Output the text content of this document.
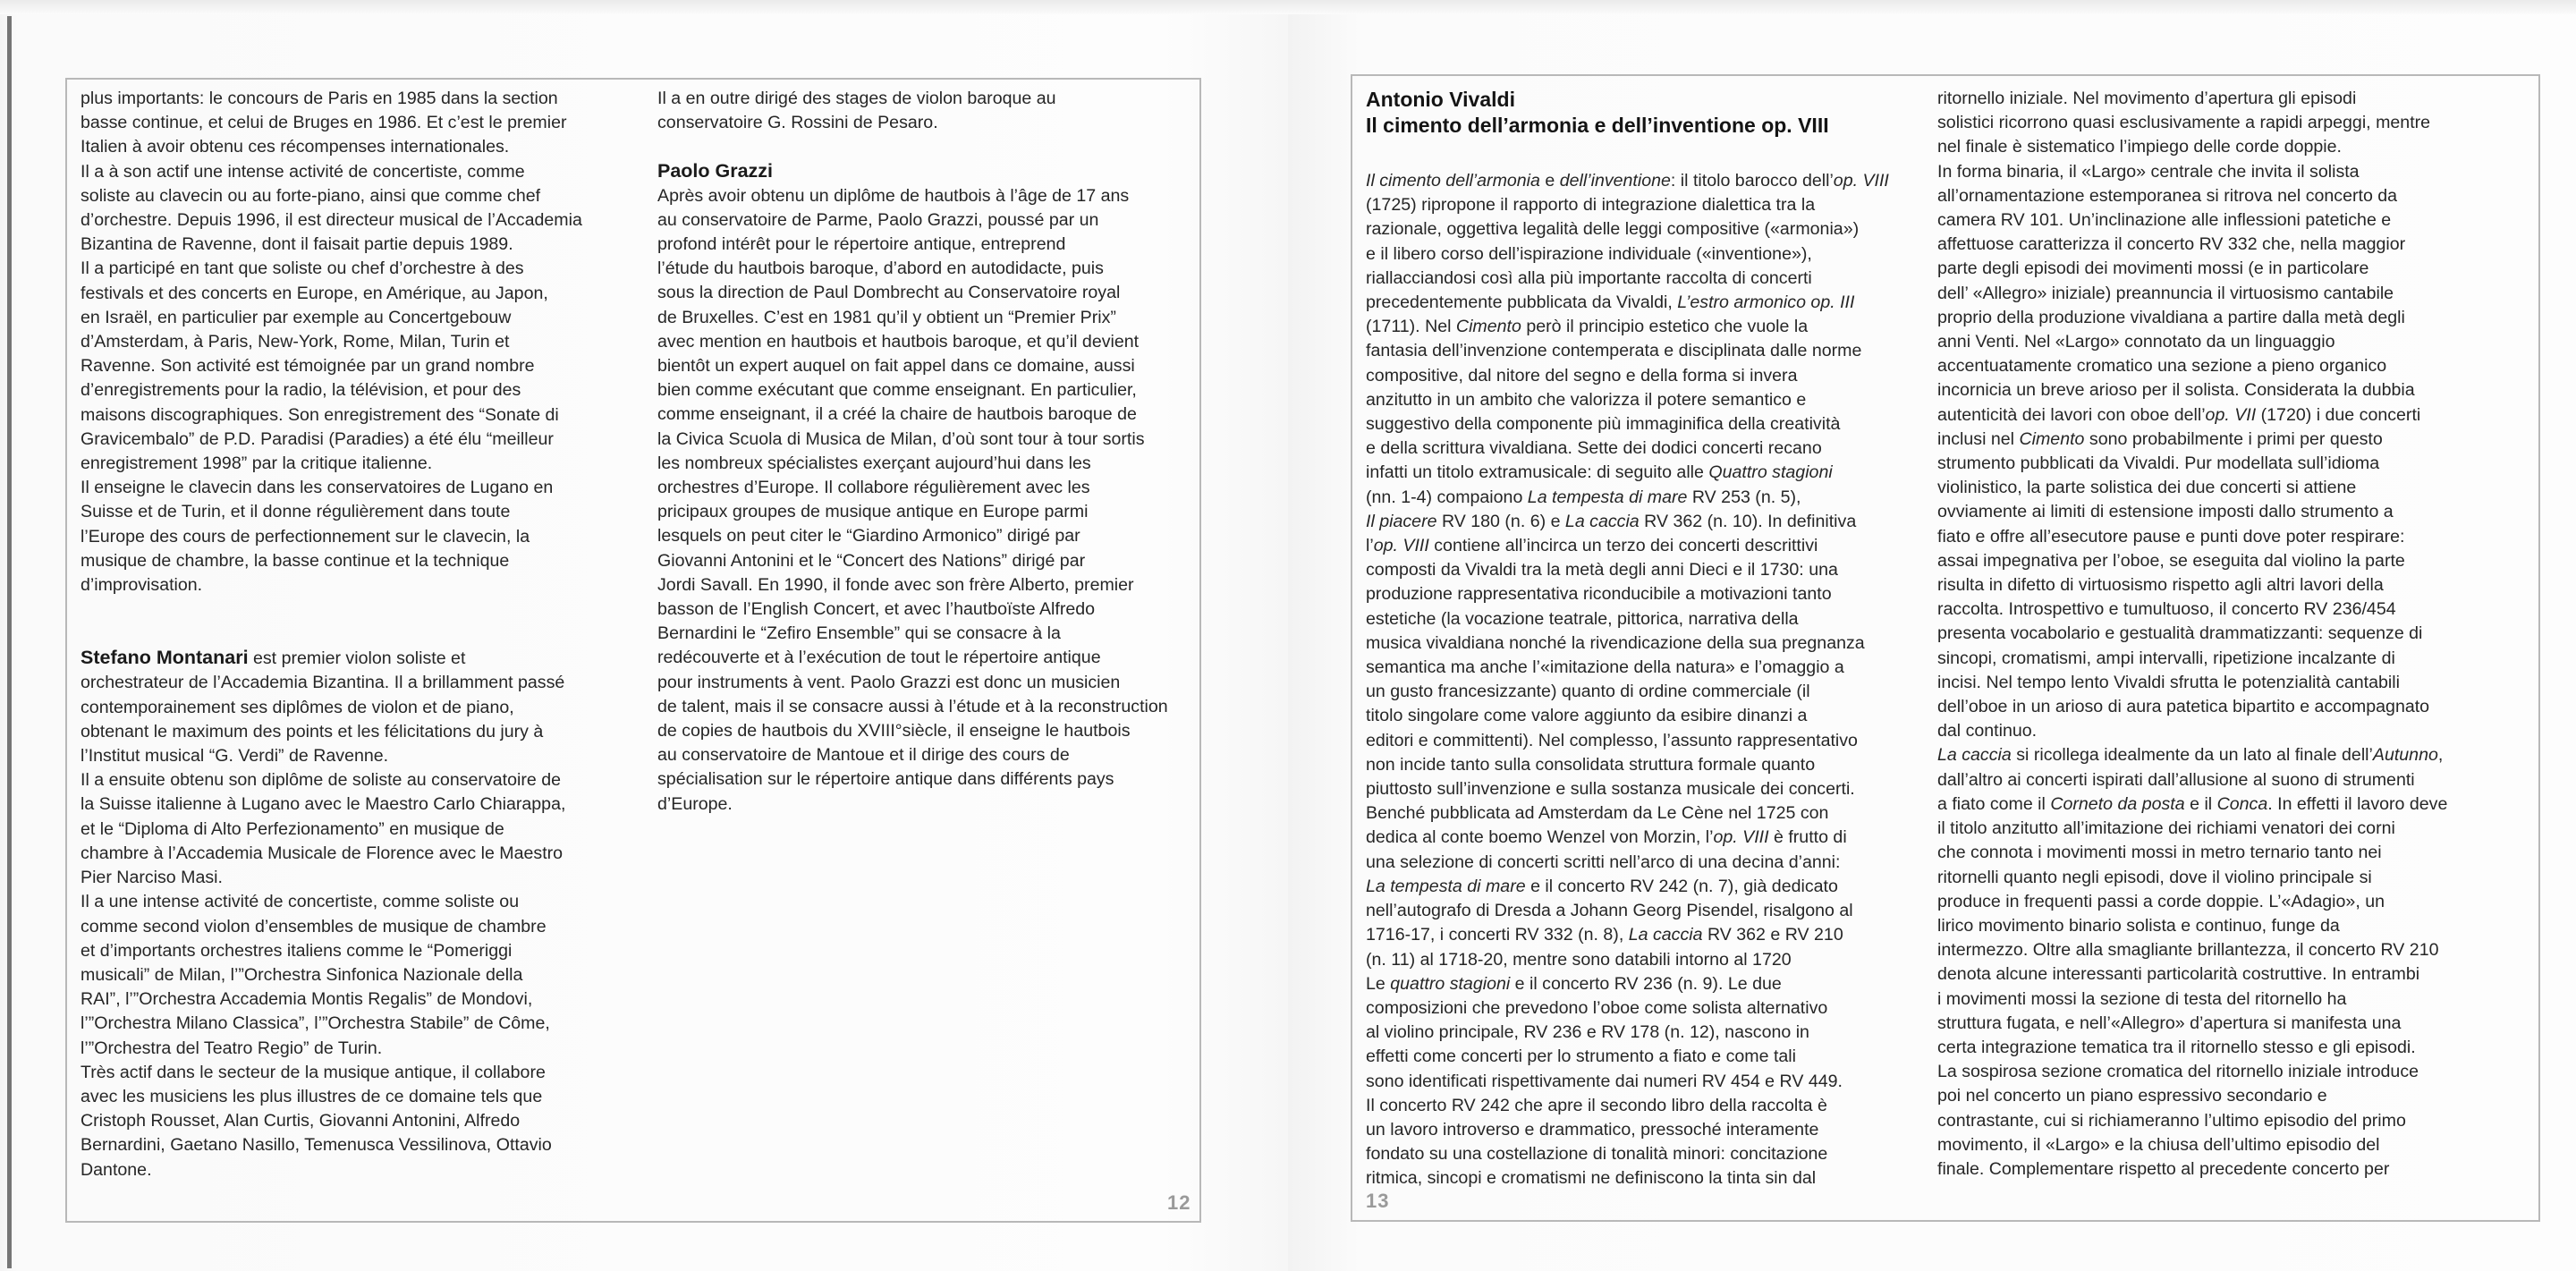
plus importants: le concours de Paris en 1985 dans la section

basse continue, et celui de Bruges en 1986. Et c’est le premier

Italien à avoir obtenu ces récompenses internationales.

Il a à son actif une intense activité de concertiste, comme

soliste au clavecin ou au forte-piano, ainsi que comme chef

d’orchestre. Depuis 1996, il est directeur musical de l’Accademia

Bizantina de Ravenne, dont il faisait partie depuis 1989.

Il a participé en tant que soliste ou chef d’orchestre à des

festivals et des concerts en Europe, en Amérique, au Japon,

en Israël, en particulier par exemple au Concertgebouw

d’Amsterdam, à Paris, New-York, Rome, Milan, Turin et

Ravenne. Son activité est témoignée par un grand nombre

d’enregistrements pour la radio, la télévision, et pour des

maisons discographiques. Son enregistrement des “Sonate di

Gravicembalo” de P.D. Paradisi (Paradies) a été élu “meilleur

enregistrement 1998” par la critique italienne.

Il enseigne le clavecin dans les conservatoires de Lugano en

Suisse et de Turin, et il donne régulièrement dans toute

l’Europe des cours de perfectionnement sur le clavecin, la

musique de chambre, la basse continue et la technique

d’improvisation.

Stefano Montanari est premier violon soliste et

orchestrateur de l’Accademia Bizantina. Il a brillamment passé

contemporainement ses diplômes de violon et de piano,

obtenant le maximum des points et les félicitations du jury à

l’Institut musical “G. Verdi” de Ravenne.

Il a ensuite obtenu son diplôme de soliste au conservatoire de

la Suisse italienne à Lugano avec le Maestro Carlo Chiarappa,

et le “Diploma di Alto Perfezionamento” en musique de

chambre à l’Accademia Musicale de Florence avec le Maestro

Pier Narciso Masi.

Il a une intense activité de concertiste, comme soliste ou

comme second violon d’ensembles de musique de chambre

et d’importants orchestres italiens comme le “Pomeriggi

musicali” de Milan, l’”Orchestra Sinfonica Nazionale della

RAI”, l’”Orchestra Accademia Montis Regalis” de Mondovi,

l’”Orchestra Milano Classica”, l’”Orchestra Stabile” de Côme,

l’”Orchestra del Teatro Regio” de Turin.

Très actif dans le secteur de la musique antique, il collabore

avec les musiciens les plus illustres de ce domaine tels que

Cristoph Rousset, Alan Curtis, Giovanni Antonini, Alfredo

Bernardini, Gaetano Nasillo, Temenusca Vessilinova, Ottavio

Dantone.

Il a en outre dirigé des stages de violon baroque au

conservatoire G. Rossini de Pesaro.

Paolo Grazzi

Après avoir obtenu un diplôme de hautbois à l’âge de 17 ans

au conservatoire de Parme, Paolo Grazzi, poussé par un

profond intérêt pour le répertoire antique, entreprend

l’étude du hautbois baroque, d’abord en autodidacte, puis

sous la direction de Paul Dombrecht au Conservatoire royal

de Bruxelles. C’est en 1981 qu’il y obtient un “Premier Prix”

avec mention en hautbois et hautbois baroque, et qu’il devient

bientôt un expert auquel on fait appel dans ce domaine, aussi

bien comme exécutant que comme enseignant. En particulier,

comme enseignant, il a créé la chaire de hautbois baroque de

la Civica Scuola di Musica de Milan, d’où sont tour à tour sortis

les nombreux spécialistes exerçant aujourd’hui dans les

orchestres d’Europe. Il collabore régulièrement avec les

pricipaux groupes de musique antique en Europe parmi

lesquels on peut citer le “Giardino Armonico” dirigé par

Giovanni Antonini et le “Concert des Nations” dirigé par

Jordi Savall. En 1990, il fonde avec son frère Alberto, premier

basson de l’English Concert, et avec l’hautboïste Alfredo

Bernardini le “Zefiro Ensemble” qui se consacre à la

redécouverte et à l’exécution de tout le répertoire antique

pour instruments à vent. Paolo Grazzi est donc un musicien

de talent, mais il se consacre aussi à l’étude et à la reconstruction

de copies de hautbois du XVIII°siècle, il enseigne le hautbois

au conservatoire de Mantoue et il dirige des cours de

spécialisation sur le répertoire antique dans différents pays

d’Europe.

12

Antonio Vivaldi

Il cimento dell’armonia e dell’inventione op. VIII

Il cimento dell’armonia e dell’inventione: il titolo barocco dell’op. VIII

(1725) ripropone il rapporto di integrazione dialettica tra la

razionale, oggettiva legalità delle leggi compositive («armonia»)

e il libero corso dell’ispirazione individuale («inventione»),

riallacciandosi così alla più importante raccolta di concerti

precedentemente pubblicata da Vivaldi, L’estro armonico op. III

(1711). Nel Cimento però il principio estetico che vuole la

fantasia dell’invenzione contemperata e disciplinata dalle norme

compositive, dal nitore del segno e della forma si invera

anzitutto in un ambito che valorizza il potere semantico e

suggestivo della componente più immaginifica della creatività

e della scrittura vivaldiana. Sette dei dodici concerti recano

infatti un titolo extramusicale: di seguito alle Quattro stagioni

(nn. 1-4) compaiono La tempesta di mare RV 253 (n. 5),

Il piacere RV 180 (n. 6) e La caccia RV 362 (n. 10). In definitiva

l’op. VIII contiene all’incirca un terzo dei concerti descrittivi

composti da Vivaldi tra la metà degli anni Dieci e il 1730: una

produzione rappresentativa riconducibile a motivazioni tanto

estetiche (la vocazione teatrale, pittorica, narrativa della

musica vivaldiana nonché la rivendicazione della sua pregnanza

semantica ma anche l’«imitazione della natura» e l’omaggio a

un gusto francesizzante) quanto di ordine commerciale (il

titolo singolare come valore aggiunto da esibire dinanzi a

editori e committenti). Nel complesso, l’assunto rappresentativo

non incide tanto sulla consolidata struttura formale quanto

piuttosto sull’invenzione e sulla sostanza musicale dei concerti.

Benché pubblicata ad Amsterdam da Le Cène nel 1725 con

dedica al conte boemo Wenzel von Morzin, l’op. VIII è frutto di

una selezione di concerti scritti nell’arco di una decina d’anni:

La tempesta di mare e il concerto RV 242 (n. 7), già dedicato

nell’autografo di Dresda a Johann Georg Pisendel, risalgono al

1716-17, i concerti RV 332 (n. 8), La caccia RV 362 e RV 210

(n. 11) al 1718-20, mentre sono databili intorno al 1720

Le quattro stagioni e il concerto RV 236 (n. 9). Le due

composizioni che prevedono l’oboe come solista alternativo

al violino principale, RV 236 e RV 178 (n. 12), nascono in

effetti come concerti per lo strumento a fiato e come tali

sono identificati rispettivamente dai numeri RV 454 e RV 449.

Il concerto RV 242 che apre il secondo libro della raccolta è

un lavoro introverso e drammatico, pressoché interamente

fondato su una costellazione di tonalità minori: concitazione

ritmica, sincopi e cromatismi ne definiscono la tinta sin dal

ritornello iniziale. Nel movimento d’apertura gli episodi

solistici ricorrono quasi esclusivamente a rapidi arpeggi, mentre

nel finale è sistematico l’impiego delle corde doppie.

In forma binaria, il «Largo» centrale che invita il solista

all’ornamentazione estemporanea si ritrova nel concerto da

camera RV 101. Un’inclinazione alle inflessioni patetiche e

affettuose caratterizza il concerto RV 332 che, nella maggior

parte degli episodi dei movimenti mossi (e in particolare

dell’ «Allegro» iniziale) preannuncia il virtuosismo cantabile

proprio della produzione vivaldiana a partire dalla metà degli

anni Venti. Nel «Largo» connotato da un linguaggio

accentuatamente cromatico una sezione a pieno organico

incornicia un breve arioso per il solista. Considerata la dubbia

autenticità dei lavori con oboe dell’op. VII (1720) i due concerti

inclusi nel Cimento sono probabilmente i primi per questo

strumento pubblicati da Vivaldi. Pur modellata sull’idioma

violinistico, la parte solistica dei due concerti si attiene

ovviamente ai limiti di estensione imposti dallo strumento a

fiato e offre all’esecutore pause e punti dove poter respirare:

assai impegnativa per l’oboe, se eseguita dal violino la parte

risulta in difetto di virtuosismo rispetto agli altri lavori della

raccolta. Introspettivo e tumultuoso, il concerto RV 236/454

presenta vocabolario e gestualità drammatizzanti: sequenze di

sincopi, cromatismi, ampi intervalli, ripetizione incalzante di

incisi. Nel tempo lento Vivaldi sfrutta le potenzialità cantabili

dell’oboe in un arioso di aura patetica bipartito e accompagnato

dal continuo.

La caccia si ricollega idealmente da un lato al finale dell’Autunno,

dall’altro ai concerti ispirati dall’allusione al suono di strumenti

a fiato come il Corneto da posta e il Conca. In effetti il lavoro deve

il titolo anzitutto all’imitazione dei richiami venatori dei corni

che connota i movimenti mossi in metro ternario tanto nei

ritornelli quanto negli episodi, dove il violino principale si

produce in frequenti passi a corde doppie. L’«Adagio», un

lirico movimento binario solista e continuo, funge da

intermezzo. Oltre alla smagliante brillantezza, il concerto RV 210

denota alcune interessanti particolarità costruttive. In entrambi

i movimenti mossi la sezione di testa del ritornello ha

struttura fugata, e nell’«Allegro» d’apertura si manifesta una

certa integrazione tematica tra il ritornello stesso e gli episodi.

La sospirosa sezione cromatica del ritornello iniziale introduce

poi nel concerto un piano espressivo secondario e

contrastante, cui si richiameranno l’ultimo episodio del primo

movimento, il «Largo» e la chiusa dell’ultimo episodio del

finale. Complementare rispetto al precedente concerto per

13
